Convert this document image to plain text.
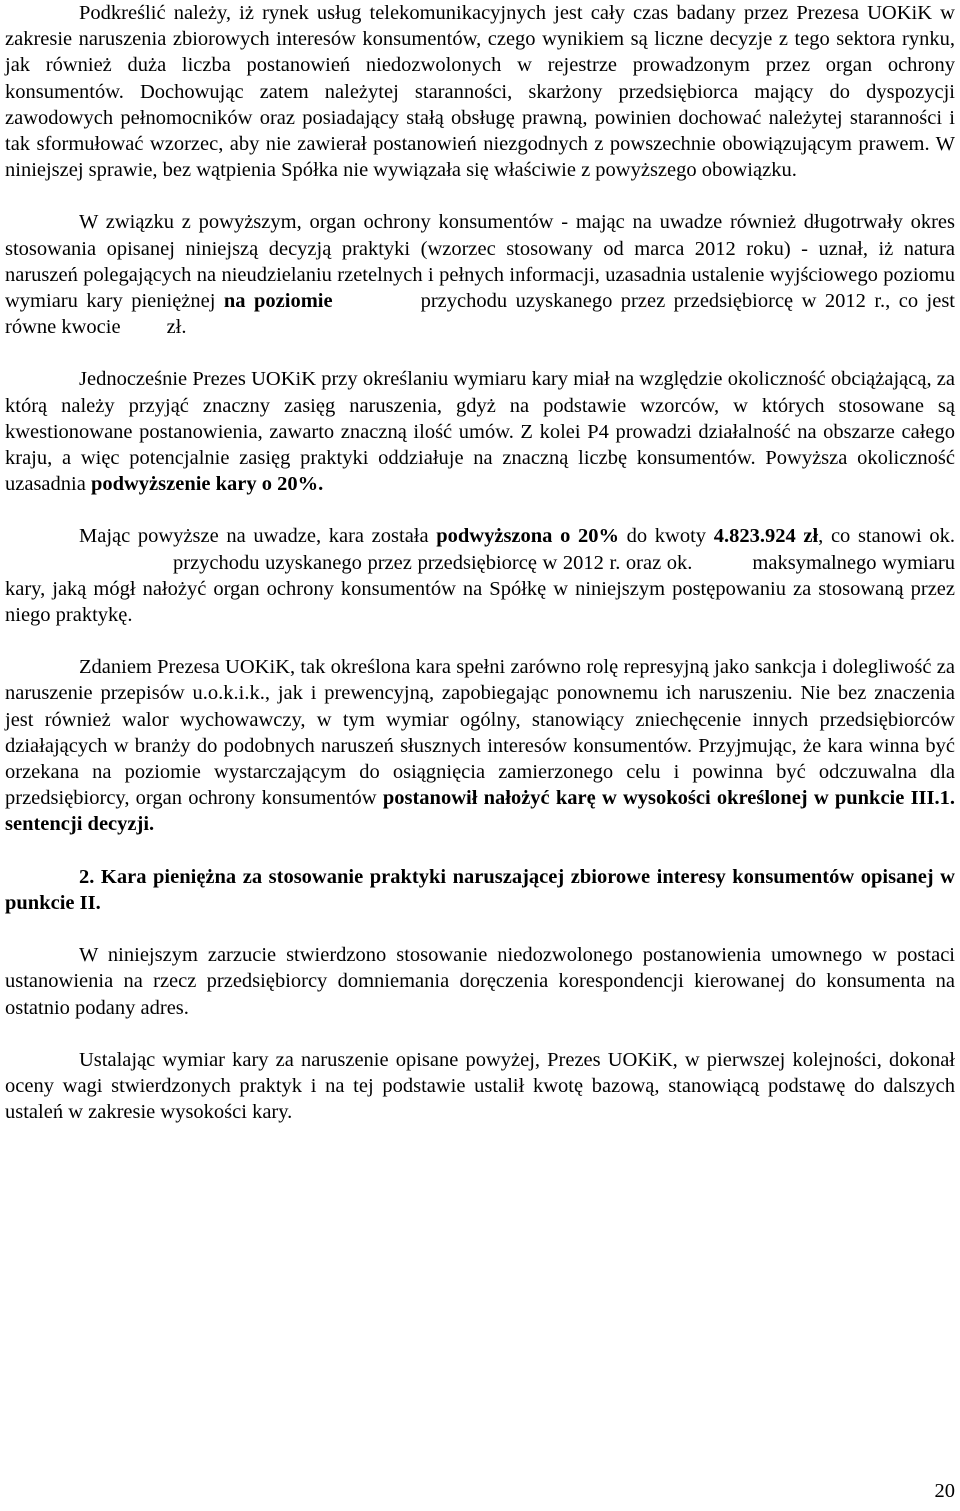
Podkreślić należy, iż rynek usług telekomunikacyjnych jest cały czas badany przez Prezesa UOKiK w zakresie naruszenia zbiorowych interesów konsumentów, czego wynikiem są liczne decyzje z tego sektora rynku, jak również duża liczba postanowień niedozwolonych w rejestrze prowadzonym przez organ ochrony konsumentów. Dochowując zatem należytej staranności, skarżony przedsiębiorca mający do dyspozycji zawodowych pełnomocników oraz posiadający stałą obsługę prawną, powinien dochować należytej staranności i tak sformułować wzorzec, aby nie zawierał postanowień niezgodnych z powszechnie obowiązującym prawem. W niniejszej sprawie, bez wątpienia Spółka nie wywiązała się właściwie z powyższego obowiązku.

W związku z powyższym, organ ochrony konsumentów - mając na uwadze również długotrwały okres stosowania opisanej niniejszą decyzją praktyki (wzorzec stosowany od marca 2012 roku) - uznał, iż natura naruszeń polegających na nieudzielaniu rzetelnych i pełnych informacji, uzasadnia ustalenie wyjściowego poziomu wymiaru kary pieniężnej na poziomie	przychodu uzyskanego przez przedsiębiorcę w 2012 r., co jest równe kwocie zł.

Jednocześnie Prezes UOKiK przy określaniu wymiaru kary miał na względzie okoliczność obciążającą, za którą należy przyjąć znaczny zasięg naruszenia, gdyż na podstawie wzorców, w których stosowane są kwestionowane postanowienia, zawarto znaczną ilość umów. Z kolei P4 prowadzi działalność na obszarze całego kraju, a więc potencjalnie zasięg praktyki oddziałuje na znaczną liczbę konsumentów. Powyższa okoliczność uzasadnia podwyższenie kary o 20%.

Mając powyższe na uwadze, kara została podwyższona o 20% do kwoty 4.823.924 zł, co stanowi ok.przychodu uzyskanego przez przedsiębiorcę w 2012 r. oraz ok.	maksymalnego wymiaru kary, jaką mógł nałożyć organ ochrony konsumentów na Spółkę w niniejszym postępowaniu za stosowaną przez niego praktykę.

Zdaniem Prezesa UOKiK, tak określona kara spełni zarówno rolę represyjną jako sankcja i dolegliwość za naruszenie przepisów u.o.k.i.k., jak i prewencyjną, zapobiegając ponownemu ich naruszeniu. Nie bez znaczenia jest również walor wychowawczy, w tym wymiar ogólny, stanowiący zniechęcenie innych przedsiębiorców działających w branży do podobnych naruszeń słusznych interesów konsumentów. Przyjmując, że kara winna być orzekana na poziomie wystarczającym do osiągnięcia zamierzonego celu i powinna być odczuwalna dla przedsiębiorcy, organ ochrony konsumentów postanowił nałożyć karę w wysokości określonej w punkcie III.1. sentencji decyzji.

2. Kara pieniężna za stosowanie praktyki naruszającej zbiorowe interesy konsumentów opisanej w punkcie II.

W niniejszym zarzucie stwierdzono stosowanie niedozwolonego postanowienia umownego w postaci ustanowienia na rzecz przedsiębiorcy domniemania doręczenia korespondencji kierowanej do konsumenta na ostatnio podany adres.

Ustalając wymiar kary za naruszenie opisane powyżej, Prezes UOKiK, w pierwszej kolejności, dokonał oceny wagi stwierdzonych praktyk i na tej podstawie ustalił kwotę bazową, stanowiącą podstawę do dalszych ustaleń w zakresie wysokości kary.

20
